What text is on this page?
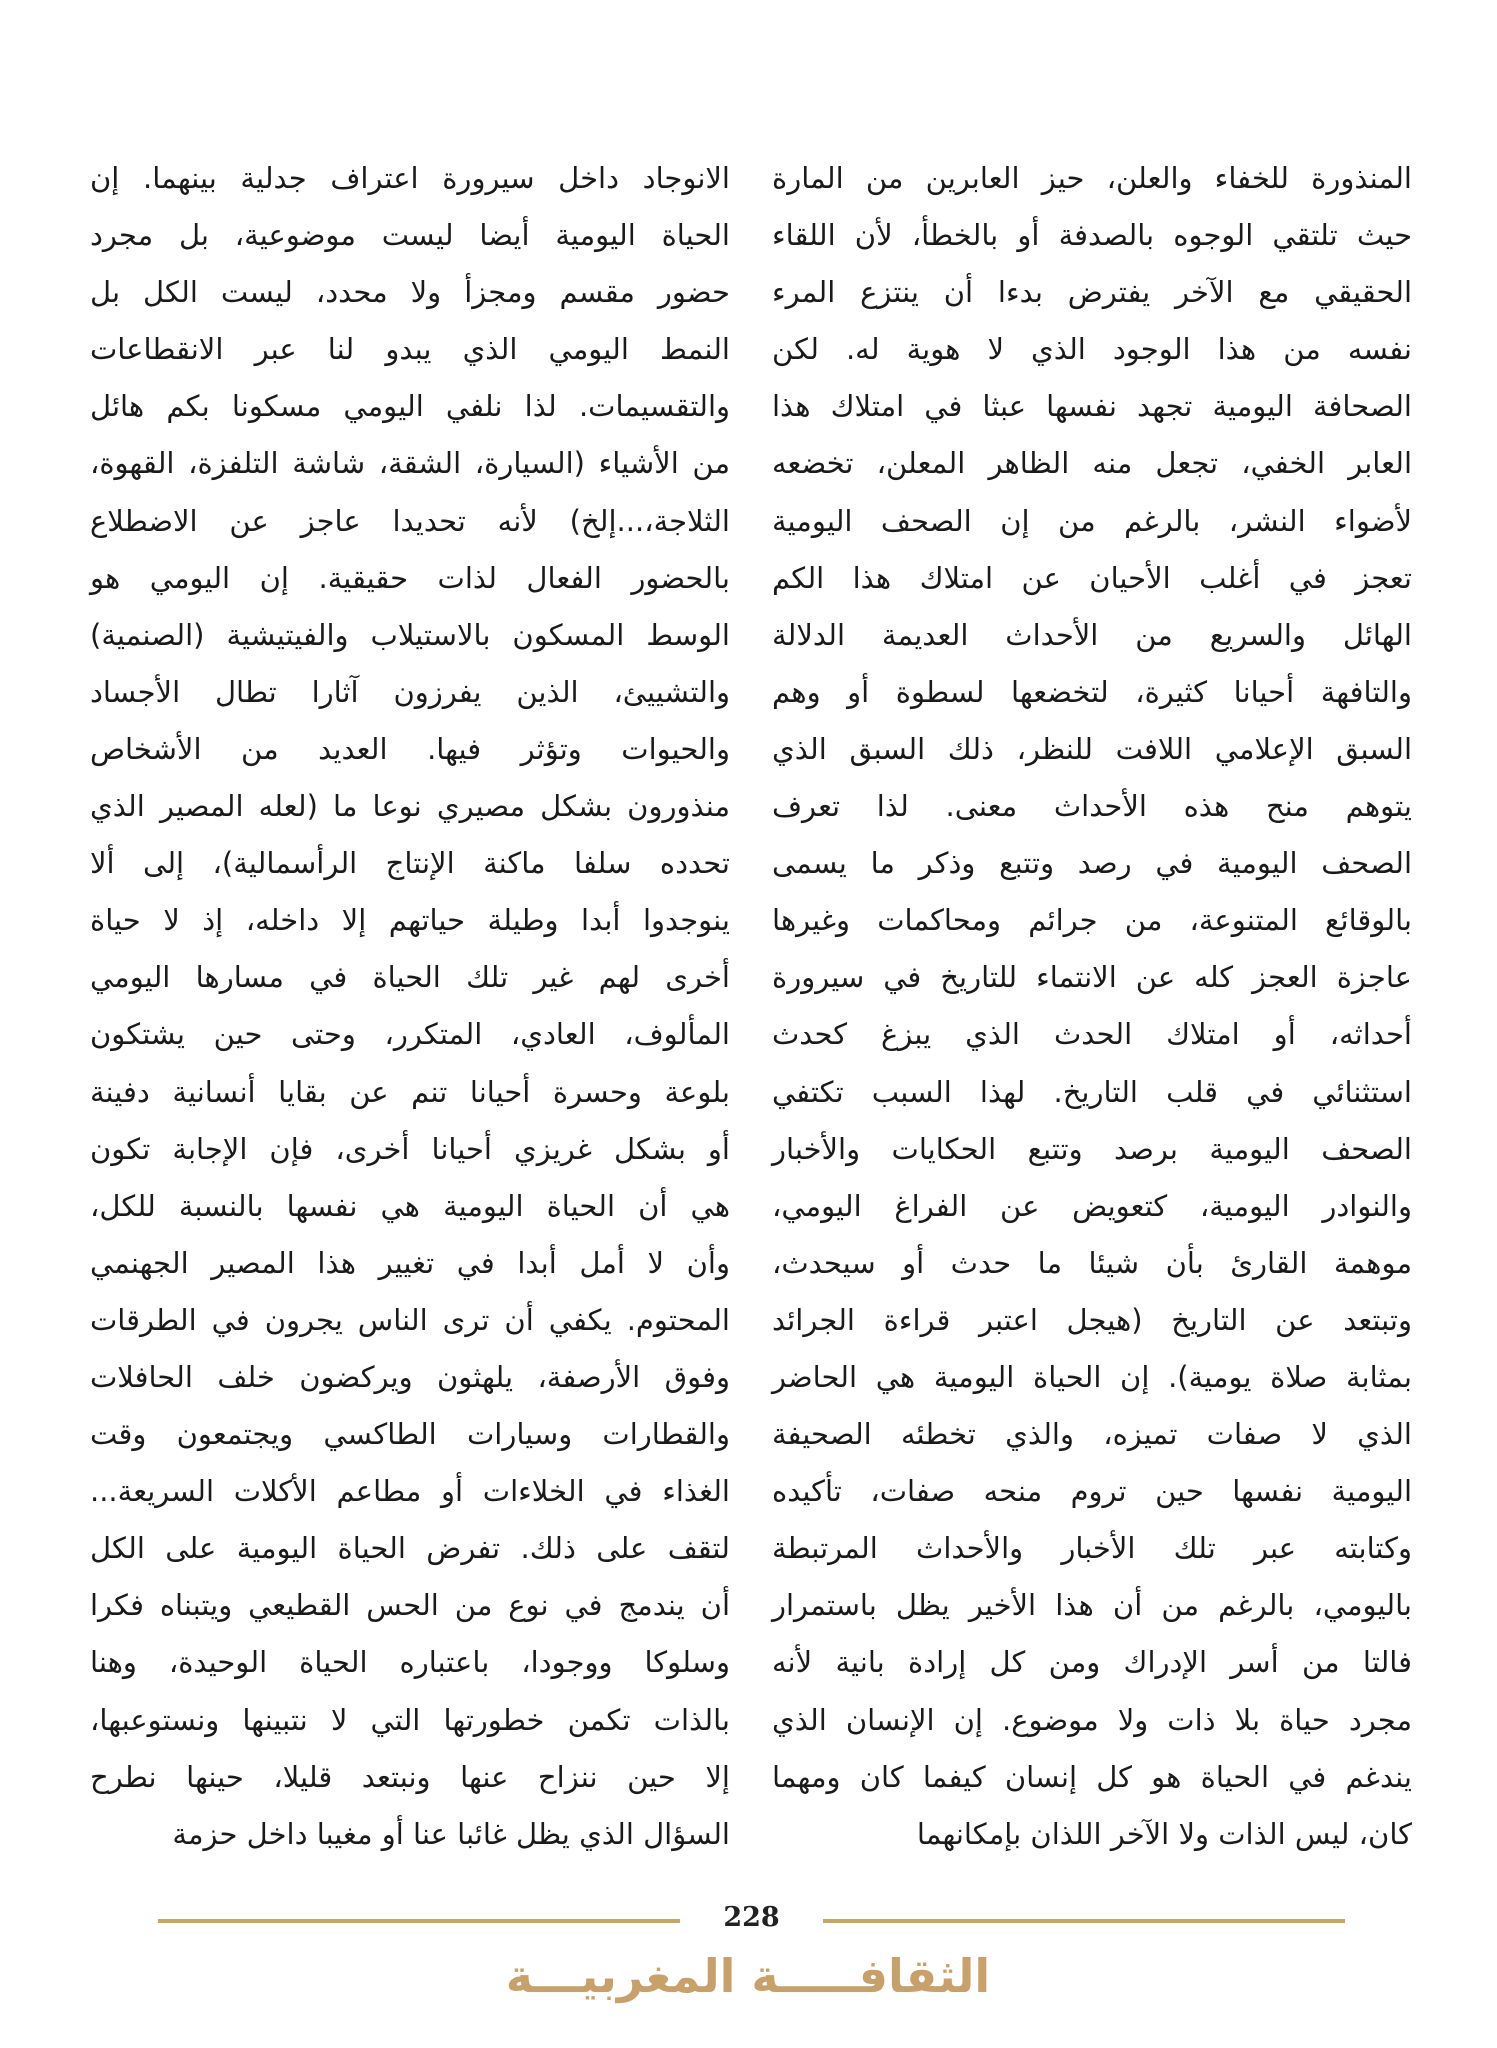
المنذورة للخفاء والعلن، حيز العابرين من المارة
حيث تلتقي الوجوه بالصدفة أو بالخطأ، لأن اللقاء
الحقيقي مع الآخر يفترض بدءا أن ينتزع المرء
نفسه من هذا الوجود الذي لا هوية له. لكن
الصحافة اليومية تجهد نفسها عبثا في امتلاك هذا
العابر الخفي، تجعل منه الظاهر المعلن، تخضعه
لأضواء النشر، بالرغم من إن الصحف اليومية
تعجز في أغلب الأحيان عن امتلاك هذا الكم
الهائل والسريع من الأحداث العديمة الدلالة
والتافهة أحيانا كثيرة، لتخضعها لسطوة أو وهم
السبق الإعلامي اللافت للنظر، ذلك السبق الذي
يتوهم منح هذه الأحداث معنى. لذا تعرف
الصحف اليومية في رصد وتتبع وذكر ما يسمى
بالوقائع المتنوعة، من جرائم ومحاكمات وغيرها
عاجزة العجز كله عن الانتماء للتاريخ في سيرورة
أحداثه، أو امتلاك الحدث الذي يبزغ كحدث
استثنائي في قلب التاريخ. لهذا السبب تكتفي
الصحف اليومية برصد وتتبع الحكايات والأخبار
والنوادر اليومية، كتعويض عن الفراغ اليومي،
موهمة القارئ بأن شيئا ما حدث أو سيحدث،
وتبتعد عن التاريخ (هيجل اعتبر قراءة الجرائد
بمثابة صلاة يومية). إن الحياة اليومية هي الحاضر
الذي لا صفات تميزه، والذي تخطئه الصحيفة
اليومية نفسها حين تروم منحه صفات، تأكيده
وكتابته عبر تلك الأخبار والأحداث المرتبطة
باليومي، بالرغم من أن هذا الأخير يظل باستمرار
فالتا من أسر الإدراك ومن كل إرادة بانية لأنه
مجرد حياة بلا ذات ولا موضوع. إن الإنسان الذي
يندغم في الحياة هو كل إنسان كيفما كان ومهما
كان، ليس الذات ولا الآخر اللذان بإمكانهما
الانوجاد داخل سيرورة اعتراف جدلية بينهما. إن
الحياة اليومية أيضا ليست موضوعية، بل مجرد
حضور مقسم ومجزأ ولا محدد، ليست الكل بل
النمط اليومي الذي يبدو لنا عبر الانقطاعات
والتقسيمات. لذا نلفي اليومي مسكونا بكم هائل
من الأشياء (السيارة، الشقة، شاشة التلفزة، القهوة،
الثلاجة،...إلخ) لأنه تحديدا عاجز عن الاضطلاع
بالحضور الفعال لذات حقيقية. إن اليومي هو
الوسط المسكون بالاستيلاب والفيتيشية (الصنمية)
والتشييئ، الذين يفرزون آثارا تطال الأجساد
والحيوات وتؤثر فيها. العديد من الأشخاص
منذورون بشكل مصيري نوعا ما (لعله المصير الذي
تحدده سلفا ماكنة الإنتاج الرأسمالية)، إلى ألا
ينوجدوا أبدا وطيلة حياتهم إلا داخله، إذ لا حياة
أخرى لهم غير تلك الحياة في مسارها اليومي
المألوف، العادي، المتكرر، وحتى حين يشتكون
بلوعة وحسرة أحيانا تنم عن بقايا أنسانية دفينة
أو بشكل غريزي أحيانا أخرى، فإن الإجابة تكون
هي أن الحياة اليومية هي نفسها بالنسبة للكل،
وأن لا أمل أبدا في تغيير هذا المصير الجهنمي
المحتوم. يكفي أن ترى الناس يجرون في الطرقات
وفوق الأرصفة، يلهثون ويركضون خلف الحافلات
والقطارات وسيارات الطاكسي ويجتمعون وقت
الغذاء في الخلاءات أو مطاعم الأكلات السريعة...
لتقف على ذلك. تفرض الحياة اليومية على الكل
أن يندمج في نوع من الحس القطيعي ويتبناه فكرا
وسلوكا ووجودا، باعتباره الحياة الوحيدة، وهنا
بالذات تكمن خطورتها التي لا نتبينها ونستوعبها،
إلا حين ننزاح عنها ونبتعد قليلا، حينها نطرح
السؤال الذي يظل غائبا عنا أو مغيبا داخل حزمة
228
الثقافـــــة المغربيـــة
